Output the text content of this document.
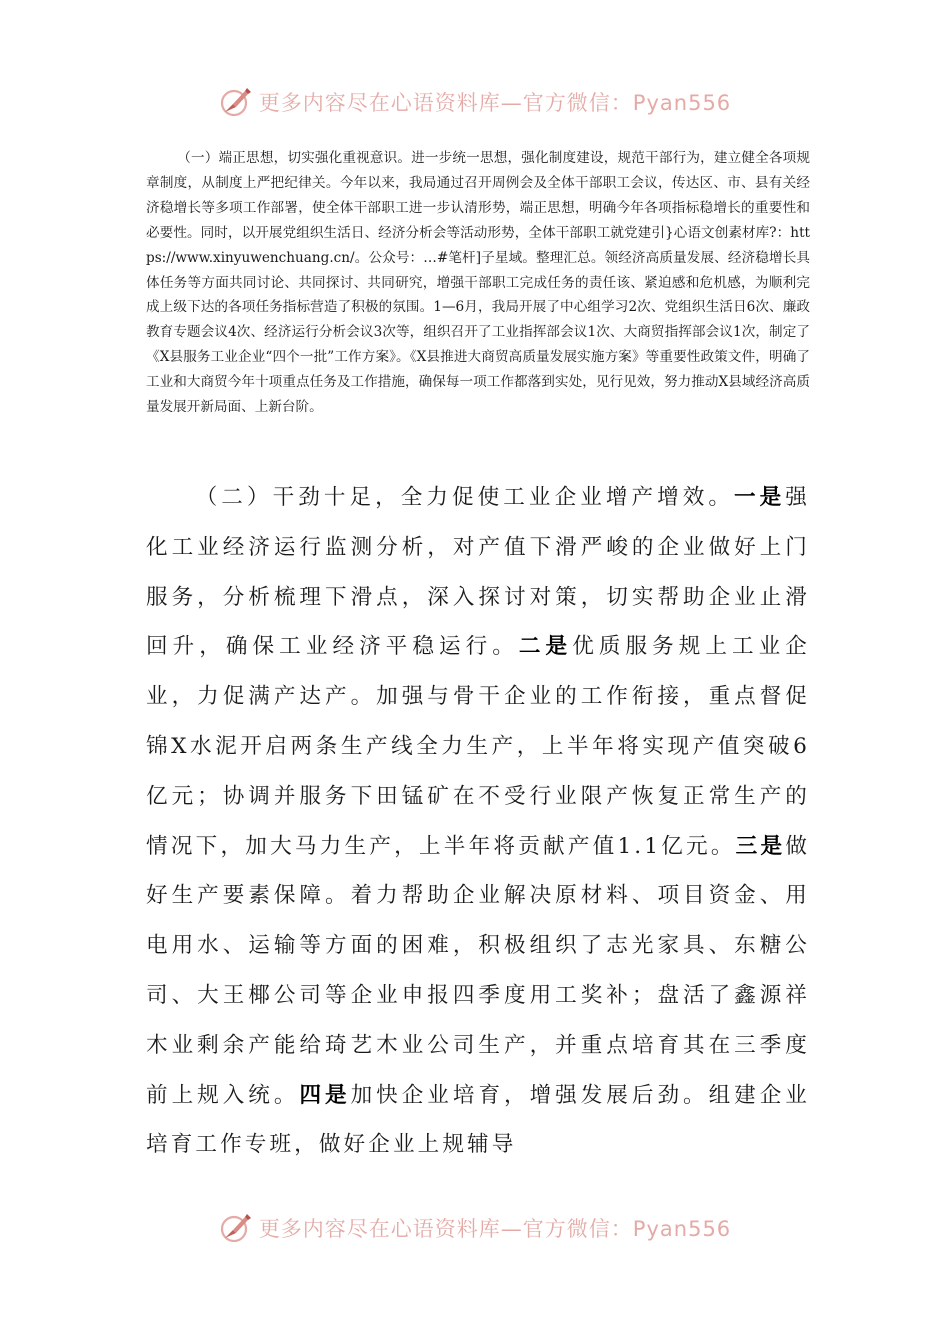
更多内容尽在心语资料库—官方微信：Pyan556

（一）端正思想，切实强化重视意识。进一步统一思想，强化制度建设，规范干部行为，建立健全各项规章制度，从制度上严把纪律关。今年以来，我局通过召开周例会及全体干部职工会议，传达区、市、县有关经济稳增长等多项工作部署，使全体干部职工进一步认清形势，端正思想，明确今年各项指标稳增长的重要性和必要性。同时，以开展党组织生活日、经济分析会等活动形势，全体干部职工就党建引}心语文创素材库?：https://www.xinyuwenchuang.cn/。公众号：…#笔杆]子星域。整理汇总。领经济高质量发展、经济稳增长具体任务等方面共同讨论、共同探讨、共同研究，增强干部职工完成任务的责任该、紧迫感和危机感，为顺利完成上级下达的各项任务指标营造了积极的氛围。1—6月，我局开展了中心组学习2次、党组织生活日6次、廉政教育专题会议4次、经济运行分析会议3次等，组织召开了工业指挥部会议1次、大商贸指挥部会议1次，制定了《X县服务工业企业“四个一批”工作方案》。《X县推进大商贸高质量发展实施方案》等重要性政策文件，明确了工业和大商贸今年十项重点任务及工作措施，确保每一项工作都落到实处，见行见效，努力推动X县域经济高质量发展开新局面、上新台阶。

（二）干劲十足，全力促使工业企业增产增效。一是强化工业经济运行监测分析，对产值下滑严峻的企业做好上门服务，分析梳理下滑点，深入探讨对策，切实帮助企业止滑回升，确保工业经济平稳运行。二是优质服务规上工业企业，力促满产达产。加强与骨干企业的工作衔接，重点督促锦X水泥开启两条生产线全力生产，上半年将实现产值突破6亿元；协调并服务下田锰矿在不受行业限产恢复正常生产的情况下，加大马力生产，上半年将贡献产值1.1亿元。三是做好生产要素保障。着力帮助企业解决原材料、项目资金、用电用水、运输等方面的困难，积极组织了志光家具、东糖公司、大王椰公司等企业申报四季度用工奖补；盘活了鑫源祥木业剩余产能给琦艺木业公司生产，并重点培育其在三季度前上规入统。四是加快企业培育，增强发展后劲。组建企业培育工作专班，做好企业上规辅导

更多内容尽在心语资料库—官方微信：Pyan556
